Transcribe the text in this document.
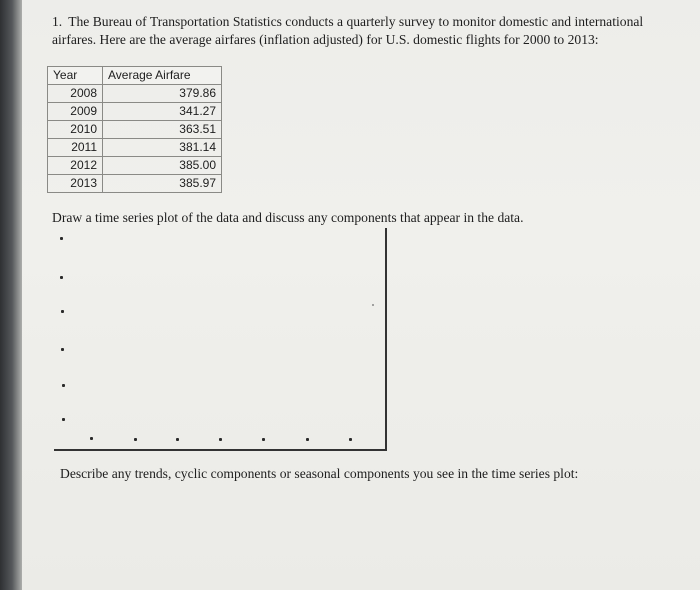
1. The Bureau of Transportation Statistics conducts a quarterly survey to monitor domestic and international airfares. Here are the average airfares (inflation adjusted) for U.S. domestic flights for 2000 to 2013:

Year	Average Airfare
2008	379.86
2009	341.27
2010	363.51
2011	381.14
2012	385.00
2013	385.97

Draw a time series plot of the data and discuss any components that appear in the data.

Describe any trends, cyclic components or seasonal components you see in the time series plot:
